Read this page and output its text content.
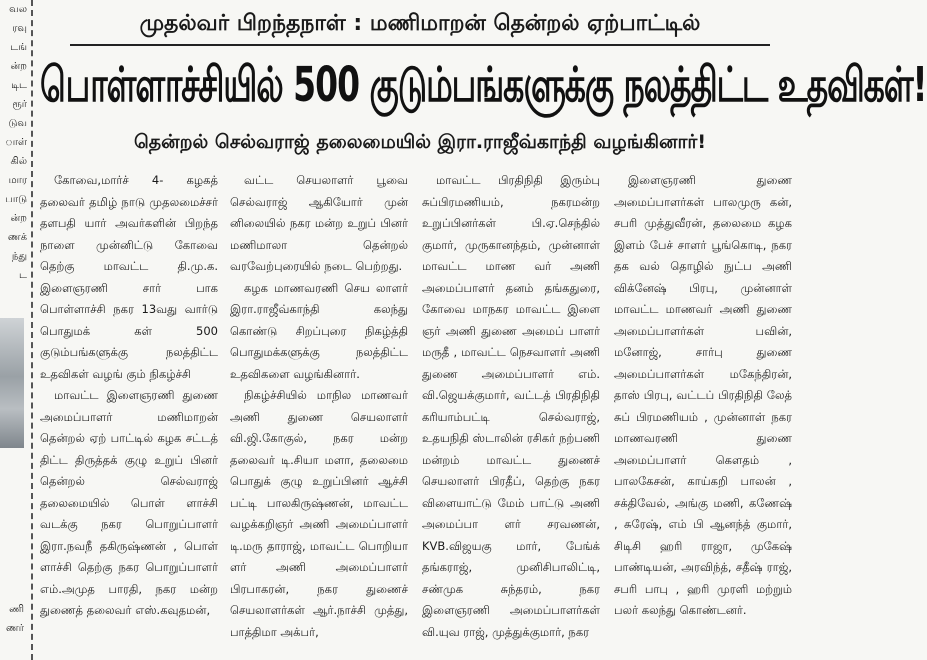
வல
ரவு
டங்
ன்ற
டிட
ரூர்
டுவ
ாள்
கில்
மார
பாடு
ன்ற
ணக்
ந்து
ட
ணி
ணர்
முதல்வர் பிறந்தநாள் : மணிமாறன் தென்றல் ஏற்பாட்டில்
பொள்ளாச்சியில் 500 குடும்பங்களுக்கு நலத்திட்ட உதவிகள்!
தென்றல் செல்வராஜ் தலைமையில் இரா.ராஜீவ்காந்தி வழங்கினார்!

கோவை,மார்ச் 4- கழகத் தலைவர் தமிழ் நாடு முதலமைச்சர் தளபதி யார் அவர்களின் பிறந்த நாளை முன்னிட்டு கோவை தெற்கு மாவட்ட தி.மு.க. இளைஞரணி சார் பாக பொள்ளாச்சி நகர 13வது வார்டு பொதுமக் கள் 500 குடும்பங்களுக்கு நலத்திட்ட உதவிகள் வழங் கும் நிகழ்ச்சி

மாவட்ட இளைஞரணி துணை அமைப்பாளர் மணிமாறன் தென்றல் ஏற் பாட்டில் கழக சட்டத் திட்ட திருத்தக் குழு உறுப் பினர் தென்றல் செல்வராஜ் தலைமையில் பொள் ளாச்சி வடக்கு நகர பொறுப்பாளர் இரா.நவநீ தகிருஷ்ணன் , பொள் ளாச்சி தெற்கு நகர பொறுப்பாளர் எம்.அமுத பாரதி, நகர மன்ற துணைத் தலைவர் எஸ்.கவுதமன்,

வட்ட செயலாளர் பூவை செல்வராஜ் ஆகியோர் முன் னிலையில் நகர மன்ற உறுப் பினர் மணிமாலா தென்றல் வரவேற்புரையில் நடை பெற்றது.

கழக மாணவரணி செய லாளர் இரா.ராஜீவ்காந்தி கலந்து கொண்டு சிறப்புரை நிகழ்த்தி பொதுமக்களுக்கு நலத்திட்ட உதவிகளை வழங்கினார்.

நிகழ்ச்சியில் மாநில மாணவர் அணி துணை செயலாளர் வி.ஜி.கோகுல், நகர மன்ற தலைவர் டி.சியா மளா, தலைமை பொதுக் குழு உறுப்பினர் ஆச்சி பட்டி பாலகிருஷ்ணன், மாவட்ட வழக்கறிஞர் அணி அமைப்பாளர் டி.மரு தாராஜ், மாவட்ட பொறியா ளர் அணி அமைப்பாளர் பிரபாகரன், நகர துணைச் செயலாளர்கள் ஆர்.நாச்சி முத்து, பாத்திமா அக்பர்,

மாவட்ட பிரதிநிதி இரும்பு சுப்பிரமணியம், நகரமன்ற உறுப்பினர்கள் பி.ஏ.செந்தில் குமார், முருகானந்தம், முன்னாள் மாவட்ட மாண வர் அணி அமைப்பாளர் தனம் தங்கதுரை, கோவை மாநகர மாவட்ட இளை ஞர் அணி துணை அமைப் பாளர் மருதீ , மாவட்ட நெசவாளர் அணி துணை அமைப்பாளர் எம். வி.ஜெயக்குமார், வட்டத் பிரதிநிதி கரியாம்பட்டி செல்வராஜ், உதயநிதி ஸ்டாலின் ரசிகர் நற்பணி மன்றம் மாவட்ட துணைச் செயலாளர் பிரதீப், தெற்கு நகர விளையாட்டு மேம் பாட்டு அணி அமைப்பா ளர் சரவணன், KVB.விஜயகு மார், பேங்க் தங்கராஜ், முனிசிபாலிட்டி, சண்முக சுந்தரம், நகர இளைஞரணி அமைப்பாளர்கள் வி.யுவ ராஜ், முத்துக்குமார், நகர

இளைஞரணி துணை அமைப்பாளர்கள் பாலமுரு கன், சபரி முத்துவீரன், தலைமை கழக இளம் பேச் சாளர் பூங்கொடி, நகர தக வல் தொழில் நுட்ப அணி விக்னேஷ் பிரபு, முன்னாள் மாவட்ட மாணவர் அணி துணை அமைப்பாளர்கள் பவின், மனோஜ், சார்பு துணை அமைப்பாளர்கள் மகேந்திரன், தாஸ் பிரபு, வட்டப் பிரதிநிதி லேத் சுப் பிரமணியம் , முன்னாள் நகர மாணவரணி துணை அமைப்பாளர் கௌதம் , பாலகேசன், காய்கறி பாலன் , சக்திவேல், அங்கு மணி, கணேஷ் , சுரேஷ், எம் பி ஆனந்த் குமார், சிடிசி ஹரி ராஜா, முகேஷ் பாண்டியன், அரவிந்த், சதீஷ் ராஜ், சபரி பாபு , ஹரி முரளி மற்றும் பலர் கலந்து கொண்டனர்.
